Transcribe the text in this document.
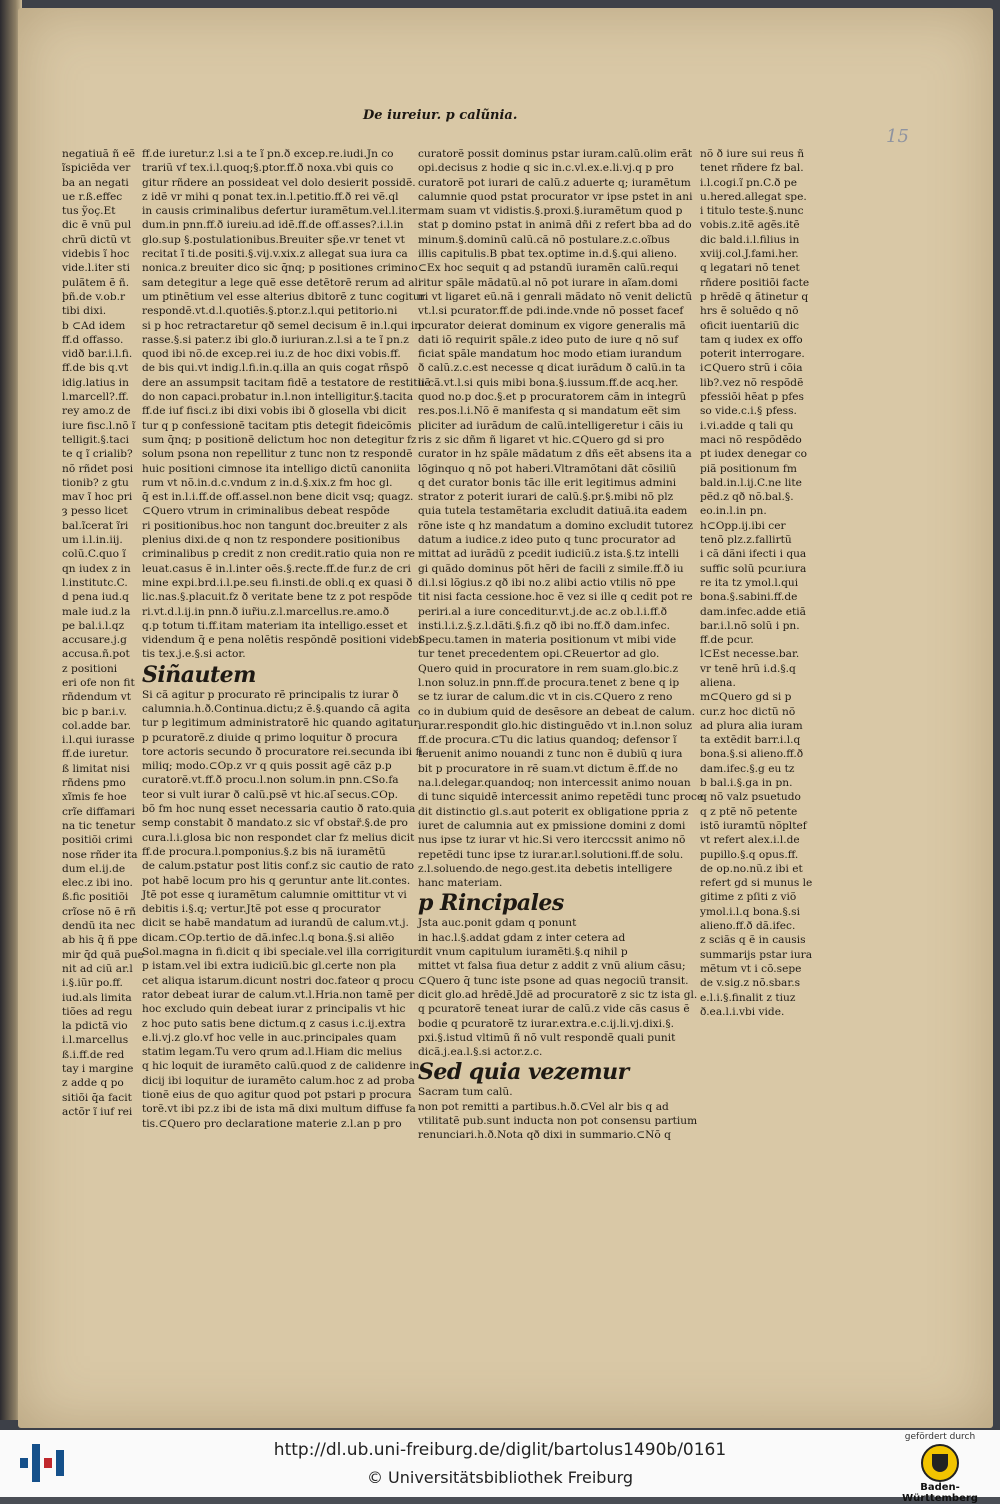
De iureiur. p calũnia.
15
negatiuã ñ eẽ
ĩspiciẽda ver
ba an negati
ue r.ß.effec
tus ỹoç.Et
dic ẽ vnũ pul
chrũ dictũ vt
videbis ĩ hoc
vide.l.iter sti
pulãtem ẽ ñ.
þñ.de v.ob.r
tibi dixi.
b ⊂Ad idem
ff.d offasso.
vidð bar.i.l.fi.
ff.de bis q.vt
idig.latius in
l.marcell?.ff.
rey amo.z de
iure fisc.l.nõ ĩ
telligit.§.taci
te q ĩ crialib?
nõ rñdet posi
tionib? z gtu
mav ĩ hoc pri
ȝ pesso licet
bal.ĩcerat ĩri
um i.l.in.iij.
colũ.C.quo ĩ
qn iudex z in
l.institutc.C.
d pena iud.q
male iud.z la
pe bal.i.l.qz
accusare.j.g
accusa.ñ.pot
z positioni
eri ofe non fit
rñdendum vt
bic p bar.i.v.
col.adde bar.
i.l.qui iurasse
ff.de iuretur.
ß limitat nisi
rñdens pmo
xĩmis fe hoe
crĩe diffamari
na tic tenetur
positiõi crimi
nose rñder ita
dum el.ij.de
elec.z ibi ino.
ß.fic positiõi
crĩose nõ ẽ rñ
dendũ ita nec
ab his q̄ ñ ppe
mir q̄d quã pue
nit ad ciũ ar.l
i.§.iũr po.ff.
iud.als limita
tiões ad regu
la pdictã vio
i.l.marcellus
ß.i.ff.de red
tay i margine
z adde q po
sitiõi q̄a facit
actõr ĩ iuf rei
ff.de iuretur.z l.si a te ĩ pn.ð excep.re.iudi.Jn co
trariũ vf tex.i.l.quoq;§.ptor.ff.ð noxa.vbi quis co
gitur rñdere an possideat vel dolo desierit possidẽ.
z idẽ vr mihi q ponat tex.in.l.petitio.ff.ð rei vẽ.ql
in causis criminalibus defertur iuramẽtum.vel.l.iter
dum.in pnn.ff.ð iureiu.ad idẽ.ff.de off.asses?.i.l.in
glo.sup §.postulationibus.Breuiter sp̃e.vr tenet vt
recitat ĩ ti.de positi.§.vij.v.xix.z allegat sua iura ca
nonica.z breuiter dico sic q̄nq; p positiones crimino
sam detegitur a lege quẽ esse detẽtorẽ rerum ad ali
um ptinẽtium vel esse alterius dbitorẽ z tunc cogitur
respondẽ.vt.d.l.quotiẽs.§.ptor.z.l.qui petitorio.ni
si p hoc retractaretur qð semel decisum ẽ in.l.qui in
rasse.§.si pater.z ibi glo.ð iuriuran.z.l.si a te ĩ pn.z
quod ibi nõ.de excep.rei iu.z de hoc dixi vobis.ff.
de bis qui.vt indig.l.fi.in.q.illa an quis cogat rñspõ
dere an assumpsit tacitam fidẽ a testatore de restituẽ
do non capaci.probatur in.l.non intelligitur.§.tacita
ff.de iuf fisci.z ibi dixi vobis ibi ð glosella vbi dicit
tur q p confessionẽ tacitam ptis detegit fideicõmis
sum q̄nq; p positionẽ delictum hoc non detegitur fz
solum psona non repellitur z tunc non tz respondẽ
huic positioni cimnose ita intelligo dictũ canoniita
rum vt nõ.in.d.c.vndum z in.d.§.xix.z fm hoc gl.
q̄ est in.l.i.ff.de off.assel.non bene dicit vsq; quagz.
⊂Quero vtrum in criminalibus debeat respõde
ri positionibus.hoc non tangunt doc.breuiter z als
plenius dixi.de q non tz respondere positionibus
criminalibus p credit z non credit.ratio quia non re
leuat.casus ẽ in.l.inter oẽs.§.recte.ff.de fur.z de cri
mine expi.brd.i.l.pe.seu fi.insti.de obli.q ex quasi ð
lic.nas.§.placuit.fz ð veritate bene tz z pot respõde
ri.vt.d.l.ij.in pnn.ð iur̃iu.z.l.marcellus.re.amo.ð
q.p totum ti.ff.itam materiam ita intelligo.esset et
videndum q̄ e pena nolẽtis respõndẽ positioni videbi
tis tex.j.e.§.si actor.
Siñautem
Si cã agitur p procurato rẽ principalis tz iurar ð
calumnia.h.ð.Continua.dictu;z ẽ.§.quando cã agita
tur p legitimum administratorẽ hic quando agitatur
p pcuratorẽ.z diuide q primo loquitur ð procura
tore actoris secundo ð procuratore rei.secunda ibi fi
miliq; modo.⊂Op.z vr q quis possit agẽ cãz p.p
curatorẽ.vt.ff.ð procu.l.non solum.in pnn.⊂So.fa
teor si vult iurar ð calũ.psẽ vt hic.al ̄secus.⊂Op.
bõ fm hoc nunq esset necessaria cautio ð rato.quia
semp constabit ð mandato.z sic vf obstar̃.§.de pro
cura.l.i.glosa bic non respondet clar fz melius dicit
ff.de procura.l.pomponius.§.z bis nã iuramẽtũ
de calum.pstatur post litis conf.z sic cautio de rato
pot habẽ locum pro his q geruntur ante lit.contes.
Jtẽ pot esse q iuramẽtum calumnie omittitur vt vi
debitis i.§.q; vertur.Jtẽ pot esse q procurator
dicit se habẽ mandatum ad iurandũ de calum.vt.j.
dicam.⊂Op.tertio de dã.infec.l.q bona.§.si aliẽo
Sol.magna in fi.dicit q ibi speciale.vel illa corrigitur
p istam.vel ibi extra iudiciũ.bic gl.certe non pla
cet aliqua istarum.dicunt nostri doc.fateor q procu
rator debeat iurar de calum.vt.l.Hria.non tamẽ per
hoc excludo quin debeat iurar z principalis vt hic
z hoc puto satis bene dictum.q z casus i.c.ij.extra
e.li.vj.z glo.vf hoc velle in auc.principales quam
statim legam.Tu vero qrum ad.l.Hiam dic melius
q hic loquit de iuramẽto calũ.quod z de calidenre in
dicij ibi loquitur de iuramẽto calum.hoc z ad proba
tionẽ eius de quo agitur quod pot pstari p procura
torẽ.vt ibi pz.z ibi de ista mã dixi multum diffuse fa
tis.⊂Quero pro declaratione materie z.l.an p pro
curatorẽ possit dominus pstar iuram.calũ.olim erãt
opi.decisus z hodie q sic in.c.vl.ex.e.li.vj.q p pro
curatorẽ pot iurari de calũ.z aduerte q; iuramẽtum
calumnie quod pstat procurator vr ipse pstet in ani
mam suam vt vidistis.§.proxi.§.iuramẽtum quod p
stat p domino pstat in animã dñi z refert bba ad do
minum.§.dominũ calũ.cã nõ postulare.z.c.oĩbus
illis capitulis.B pbat tex.optime in.d.§.qui alieno.
⊂Ex hoc sequit q ad pstandũ iuramẽn calũ.requi
ritur spãle mãdatũ.al nõ pot iurare in aĩam.domi
ni vt ligaret eũ.nã i genrali mãdato nõ venit delictũ
vt.l.si pcurator.ff.de pdi.inde.vnde nõ posset facef
pcurator deierat dominum ex vigore generalis mã
dati iõ requirit spãle.z ideo puto de iure q nõ suf
ficiat spãle mandatum hoc modo etiam iurandum
ð calũ.z.c.est necesse q dicat iurãdum ð calũ.in ta
li cã.vt.l.si quis mibi bona.§.iussum.ff.de acq.her.
quod no.p doc.§.et p procuratorem cãm in integrũ
res.pos.l.i.Nõ ẽ manifesta q si mandatum eẽt sim
pliciter ad iurãdum de calũ.intelligeretur i cãis iu
ris z sic dñm ñ ligaret vt hic.⊂Quero gd si pro
curator in hz spãle mãdatum z dñs eẽt absens ita a
lõginquo q nõ pot haberi.Vltramõtani dãt cõsiliũ
q det curator bonis tãc ille erit legitimus admini
strator z poterit iurari de calũ.§.pr.§.mibi nõ plz
quia tutela testamẽtaria excludit datiuã.ita eadem
rõne iste q hz mandatum a domino excludit tutorez
datum a iudice.z ideo puto q tunc procurator ad
mittat ad iurãdũ z pcedit iudiciũ.z ista.§.tz intelli
gi quãdo dominus põt hẽri de facili z simile.ff.ð iu
di.l.si lõgius.z qð ibi no.z alibi actio vtilis nõ ppe
tit nisi facta cessione.hoc ẽ vez si ille q cedit pot re
periri.al a iure conceditur.vt.j.de ac.z ob.l.i.ff.ð
insti.l.i.z.§.z.l.dãti.§.fi.z qð ibi no.ff.ð dam.infec.
Specu.tamen in materia positionum vt mibi vide
tur tenet precedentem opi.⊂Reuertor ad glo.
Quero quid in procuratore in rem suam.glo.bic.z
l.non soluz.in pnn.ff.de procura.tenet z bene q ip
se tz iurar de calum.dic vt in cis.⊂Quero z reno
co in dubium quid de desẽsore an debeat de calum.
iurar.respondit glo.hic distinguẽdo vt in.l.non soluz
ff.de procura.⊂Tu dic latius quandoq; defensor ĩ
teruenit animo nouandi z tunc non ẽ dubiũ q iura
bit p procuratore in rẽ suam.vt dictum ẽ.ff.de no
na.l.delegar.quandoq; non intercessit animo nouan
di tunc siquidẽ intercessit animo repetẽdi tunc proce
dit distinctio gl.s.aut poterit ex obligatione ppria z
iuret de calumnia aut ex pmissione domini z domi
nus ipse tz iurar vt hic.Si vero iterccssit animo nõ
repetẽdi tunc ipse tz iurar.ar.l.solutioni.ff.de solu.
z.l.soluendo.de nego.gest.ita debetis intelligere
hanc materiam.
p Rincipales
Jsta auc.ponit gdam q ponunt
in hac.l.§.addat gdam z inter cetera ad
dit vnum capitulum iuramẽti.§.q nihil p
mittet vt falsa fiua detur z addit z vnũ alium cãsu;
⊂Quero q̄ tunc iste psone ad quas negociũ transit.
dicit glo.ad hrẽdẽ.Jdẽ ad procuratorẽ z sic tz ista gl.
q pcuratorẽ teneat iurar de calũ.z vide cãs casus ẽ
bodie q pcuratorẽ tz iurar.extra.e.c.ij.li.vj.dixi.§.
pxi.§.istud vltimũ ñ nõ vult respondẽ quali punit
dicã.j.ea.l.§.si actor.z.c.
Sed quia vezemur
Sacram tum calũ.
non pot remitti a partibus.h.ð.⊂Vel alr bis q ad
vtilitatẽ pub.sunt inducta non pot consensu partium
renunciari.h.ð.Nota qð dixi in summario.⊂Nõ q
nõ ð iure sui reus ñ
tenet rñdere fz bal.
i.l.cogi.ĩ pn.C.ð pe
u.hered.allegat spe.
i titulo teste.§.nunc
vobis.z.itẽ agẽs.itẽ
dic bald.i.l.filius in
xviij.col.J.fami.her.
q legatari nõ tenet
rñdere positiõi facte
p hrẽdẽ q ãtinetur q
hrs ẽ soluẽdo q nõ
oficit iuentariũ dic
tam q iudex ex offo
poterit interrogare.
i⊂Quero strũ i cõia
lib?.vez nõ respõdẽ
pfessiõi hẽat p pfes
so vide.c.i.§ pfess.
i.vi.adde q tali qu
maci nõ respõdẽdo
pt iudex denegar co
piã positionum fm
bald.in.l.ij.C.ne lite
pẽd.z qð nõ.bal.§.
eo.in.l.in pn.
h⊂Opp.ij.ibi cer
tenõ plz.z.fallirtũ
i cã dãni ifecti i qua
suffic solũ pcur.iura
re ita tz ymol.l.qui
bona.§.sabini.ff.de
dam.infec.adde etiã
bar.i.l.nõ solũ i pn.
ff.de pcur.
l⊂Est necesse.bar.
vr tenẽ hrũ i.d.§.q
aliena.
m⊂Quero gd si p
cur.z hoc dictũ nõ
ad plura alia iuram
ta extẽdit barr.i.l.q
bona.§.si alieno.ff.ð
dam.ifec.§.g eu tz
b bal.i.§.ga in pn.
q nõ valz psuetudo
q z ptẽ nõ petente
istõ iuramtũ nõpltef
vt refert alex.i.l.de
pupillo.§.q opus.ff.
de op.no.nũ.z ibi et
refert gd si munus le
gitime z pſiti z viõ
ymol.i.l.q bona.§.si
alieno.ff.ð dã.ifec.
z sciãs q ẽ in causis
summarijs pstar iura
mẽtum vt i cõ.sepe
de v.sig.z nõ.sbar.s
e.l.i.§.finalit z tiuz
ð.ea.l.i.vbi vide.
http://dl.ub.uni-freiburg.de/diglit/bartolus1490b/0161
© Universitätsbibliothek Freiburg
gefördert durch
Baden-Württemberg
